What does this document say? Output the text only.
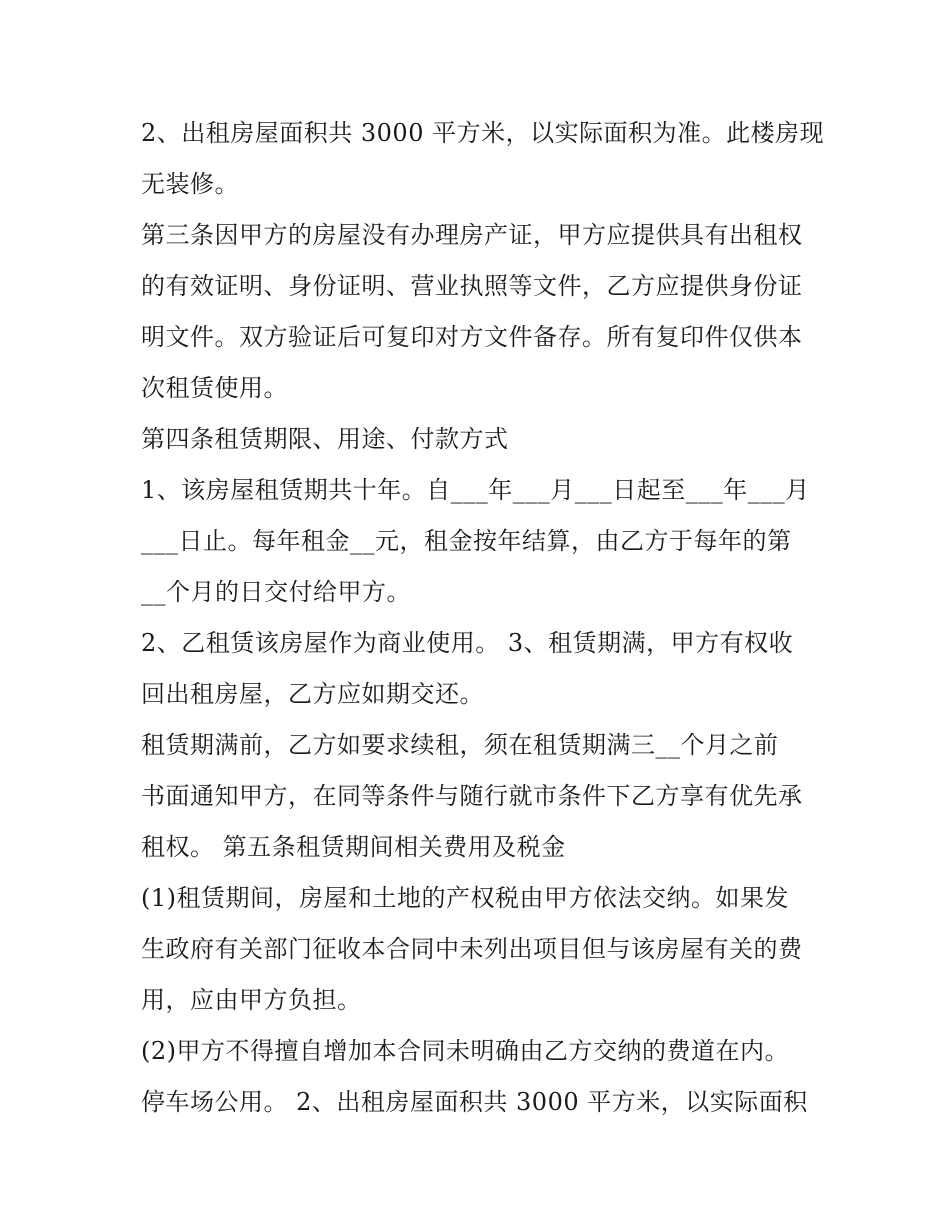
2、出租房屋面积共 3000 平方米，以实际面积为准。此楼房现
无装修。
第三条因甲方的房屋没有办理房产证，甲方应提供具有出租权
的有效证明、身份证明、营业执照等文件，乙方应提供身份证
明文件。双方验证后可复印对方文件备存。所有复印件仅供本
次租赁使用。
第四条租赁期限、用途、付款方式
1、该房屋租赁期共十年。自___年___月___日起至___年___月
___日止。每年租金__元，租金按年结算，由乙方于每年的第
__个月的日交付给甲方。
2、乙租赁该房屋作为商业使用。 3、租赁期满，甲方有权收
回出租房屋，乙方应如期交还。
租赁期满前，乙方如要求续租，须在租赁期满三__个月之前
书面通知甲方，在同等条件与随行就市条件下乙方享有优先承
租权。 第五条租赁期间相关费用及税金
(1)租赁期间，房屋和土地的产权税由甲方依法交纳。如果发
生政府有关部门征收本合同中未列出项目但与该房屋有关的费
用，应由甲方负担。
(2)甲方不得擅自增加本合同未明确由乙方交纳的费道在内。
停车场公用。 2、出租房屋面积共 3000 平方米，以实际面积
